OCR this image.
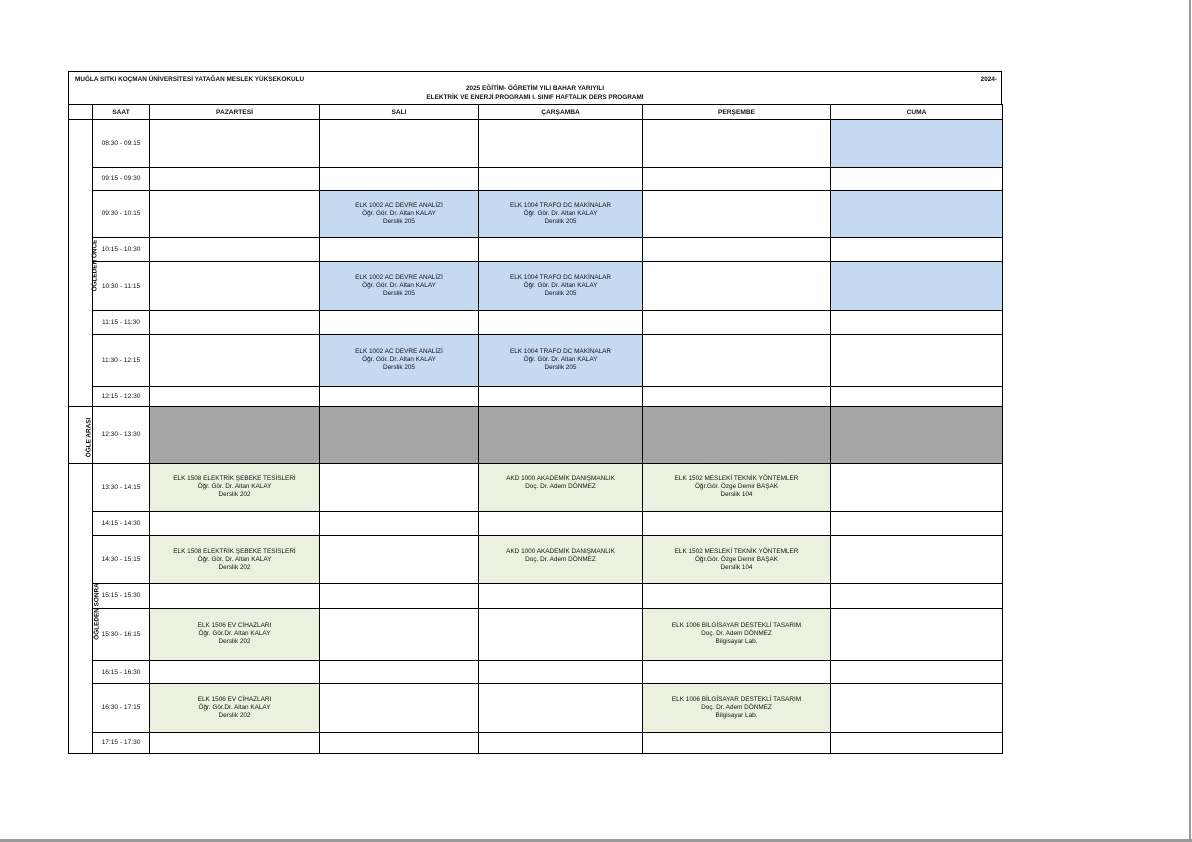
MUĞLA SITKI KOÇMAN ÜNİVERSİTESİ YATAĞAN MESLEK YÜKSEKOKULU	2024-
2025 EĞİTİM- ÖĞRETİM YILI BAHAR YARIYILI
ELEKTRİK VE ENERJİ PROGRAMI I. SINIF HAFTALIK DERS PROGRAMI
	SAAT	PAZARTESİ	SALI	ÇARŞAMBA	PERŞEMBE	CUMA
ÖĞLEDEN ÖNCE	08:30 - 09:15					
	09:15 - 09:30					
	09:30 - 10:15		ELK 1002 AC DEVRE ANALİZİ
Öğr. Gör. Dr. Altan KALAY
Derslik 205	ELK 1004 TRAFO DC MAKİNALAR
Öğr. Gör. Dr. Altan KALAY
Derslik 205		

	10:15 - 10:30					
	10:30 - 11:15		ELK 1002 AC DEVRE ANALİZİ
Öğr. Gör. Dr. Altan KALAY
Derslik 205	ELK 1004 TRAFO DC MAKİNALAR
Öğr. Gör. Dr. Altan KALAY
Derslik 205		

	11:15 - 11:30					
	11:30 - 12:15		ELK 1002 AC DEVRE ANALİZİ
Öğr. Gör. Dr. Altan KALAY
Derslik 205	ELK 1004 TRAFO DC MAKİNALAR
Öğr. Gör. Dr. Altan KALAY
Derslik 205		

	12:15 - 12:30					
ÖĞLE ARASI	12:30 - 13:30					
ÖĞLEDEN SONRA	13:30 - 14:15	ELK 1508 ELEKTRİK ŞEBEKE TESİSLERİ
Öğr. Gör. Dr. Altan KALAY
Derslik 202		AKD 1000 AKADEMİK DANIŞMANLIK
Doç. Dr. Adem DÖNMEZ	ELK 1502 MESLEKİ TEKNİK YÖNTEMLER
Öğr.Gör. Özge Demir BAŞAK
Derslik 104	

	14:15 - 14:30					
	14:30 - 15:15	ELK 1508 ELEKTRİK ŞEBEKE TESİSLERİ
Öğr. Gör. Dr. Altan KALAY
Derslik 202		AKD 1000 AKADEMİK DANIŞMANLIK
Doç. Dr. Adem DÖNMEZ	ELK 1502 MESLEKİ TEKNİK YÖNTEMLER
Öğr.Gör. Özge Demir BAŞAK
Derslik 104	

	15:15 - 15:30					
	15:30 - 16:15	ELK 1506 EV CİHAZLARI
Öğr. Gör.Dr. Altan KALAY
Derslik 202			ELK 1006 BİLGİSAYAR DESTEKLİ TASARIM
Doç. Dr. Adem DÖNMEZ
Bilgisayar Lab.	

	16:15 - 16:30					
	16:30 - 17:15	ELK 1506 EV CİHAZLARI
Öğr. Gör.Dr. Altan KALAY
Derslik 202			ELK 1006 BİLGİSAYAR DESTEKLİ TASARIM
Doç. Dr. Adem DÖNMEZ
Bilgisayar Lab.	

	17:15 - 17:30					
